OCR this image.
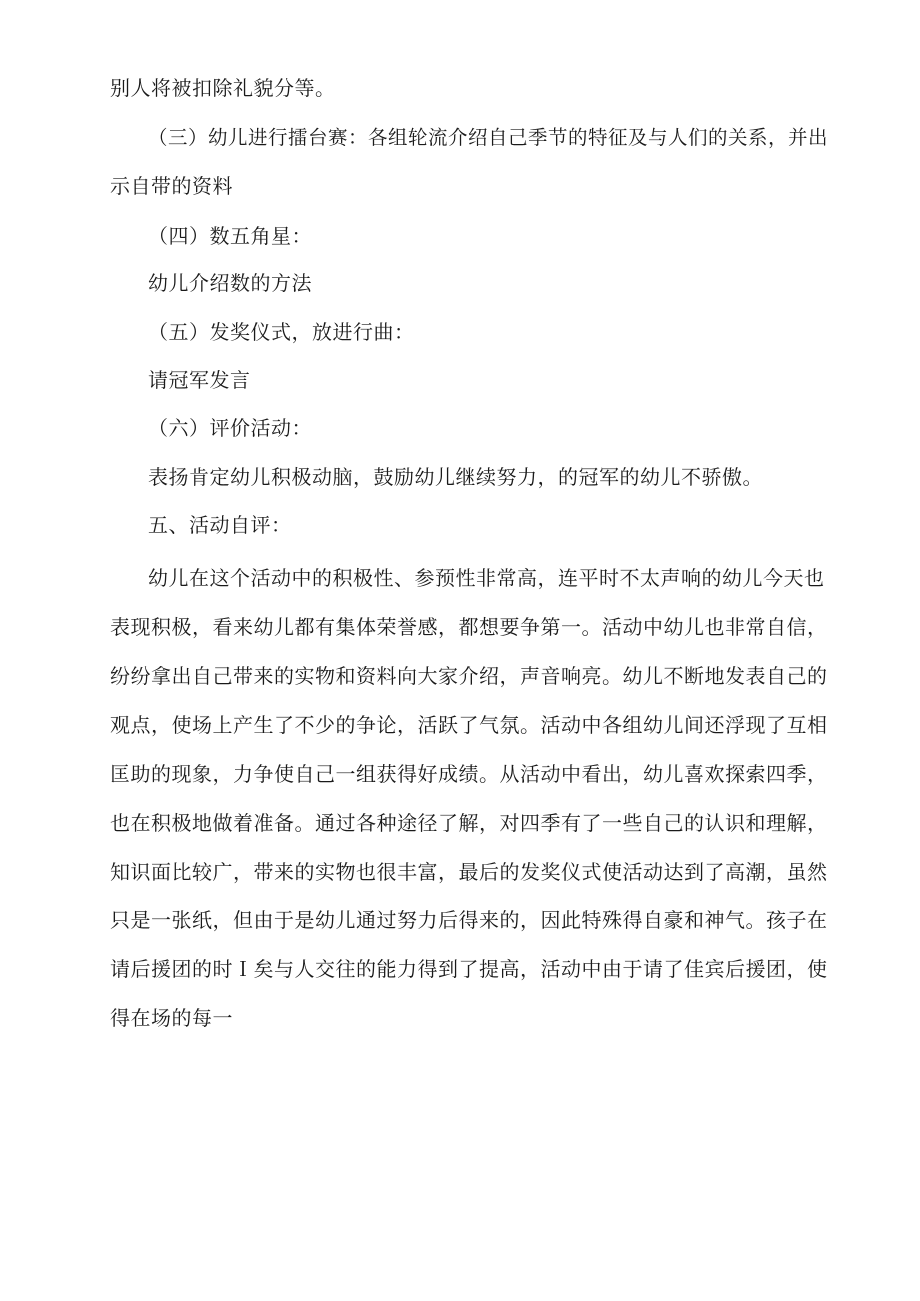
别人将被扣除礼貌分等。
（三）幼儿进行擂台赛：各组轮流介绍自己季节的特征及与人们的关系，并出
示自带的资料
（四）数五角星：
幼儿介绍数的方法
（五）发奖仪式，放进行曲：
请冠军发言
（六）评价活动：
表扬肯定幼儿积极动脑，鼓励幼儿继续努力，的冠军的幼儿不骄傲。
五、活动自评：
幼儿在这个活动中的积极性、参预性非常高，连平时不太声响的幼儿今天也
表现积极，看来幼儿都有集体荣誉感，都想要争第一。活动中幼儿也非常自信，
纷纷拿出自己带来的实物和资料向大家介绍，声音响亮。幼儿不断地发表自己的
观点，使场上产生了不少的争论，活跃了气氛。活动中各组幼儿间还浮现了互相
匡助的现象，力争使自己一组获得好成绩。从活动中看出，幼儿喜欢探索四季，
也在积极地做着准备。通过各种途径了解，对四季有了一些自己的认识和理解，
知识面比较广，带来的实物也很丰富，最后的发奖仪式使活动达到了高潮，虽然
只是一张纸，但由于是幼儿通过努力后得来的，因此特殊得自豪和神气。孩子在
请后援团的时Ｉ矣与人交往的能力得到了提高，活动中由于请了佳宾后援团，使
得在场的每一
